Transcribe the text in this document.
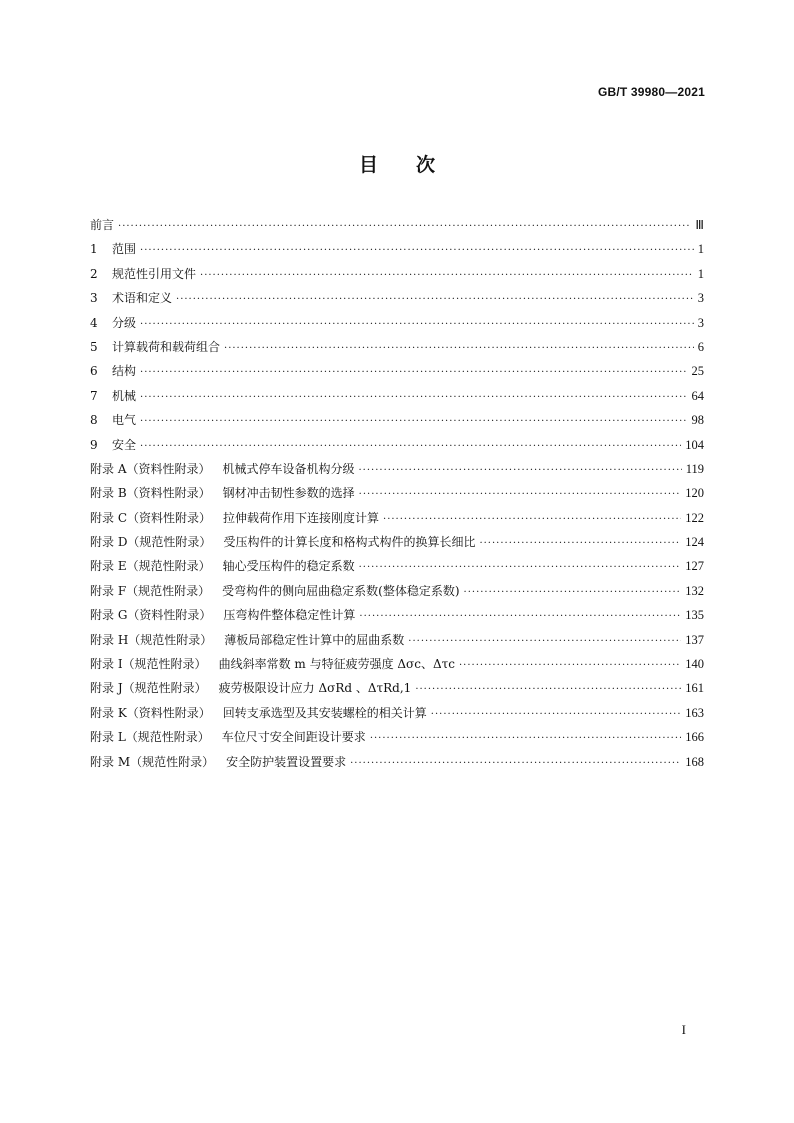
GB/T 39980—2021
目次
前言 ·····	Ⅲ
1	范围 ·····	1
2	规范性引用文件 ·····	1
3	术语和定义 ·····	3
4	分级 ·····	3
5	计算载荷和载荷组合 ·····	6
6	结构 ·····	25
7	机械 ·····	64
8	电气 ·····	98
9	安全 ·····	104
附录 A（资料性附录） 机械式停车设备机构分级 ·····	119
附录 B（资料性附录） 钢材冲击韧性参数的选择 ·····	120
附录 C（资料性附录） 拉伸载荷作用下连接刚度计算 ·····	122
附录 D（规范性附录） 受压构件的计算长度和格构式构件的换算长细比 ·····	124
附录 E（规范性附录） 轴心受压构件的稳定系数 ·····	127
附录 F（规范性附录） 受弯构件的侧向屈曲稳定系数(整体稳定系数) ·····	132
附录 G（资料性附录） 压弯构件整体稳定性计算 ·····	135
附录 H（规范性附录） 薄板局部稳定性计算中的屈曲系数 ·····	137
附录 I（规范性附录） 曲线斜率常数 m 与特征疲劳强度 Δσc、Δτc ·····	140
附录 J（规范性附录） 疲劳极限设计应力 ΔσRd 、ΔτRd,1 ·····	161
附录 K（资料性附录） 回转支承选型及其安装螺栓的相关计算 ·····	163
附录 L（规范性附录） 车位尺寸安全间距设计要求 ·····	166
附录 M（规范性附录） 安全防护装置设置要求 ·····	168
I
